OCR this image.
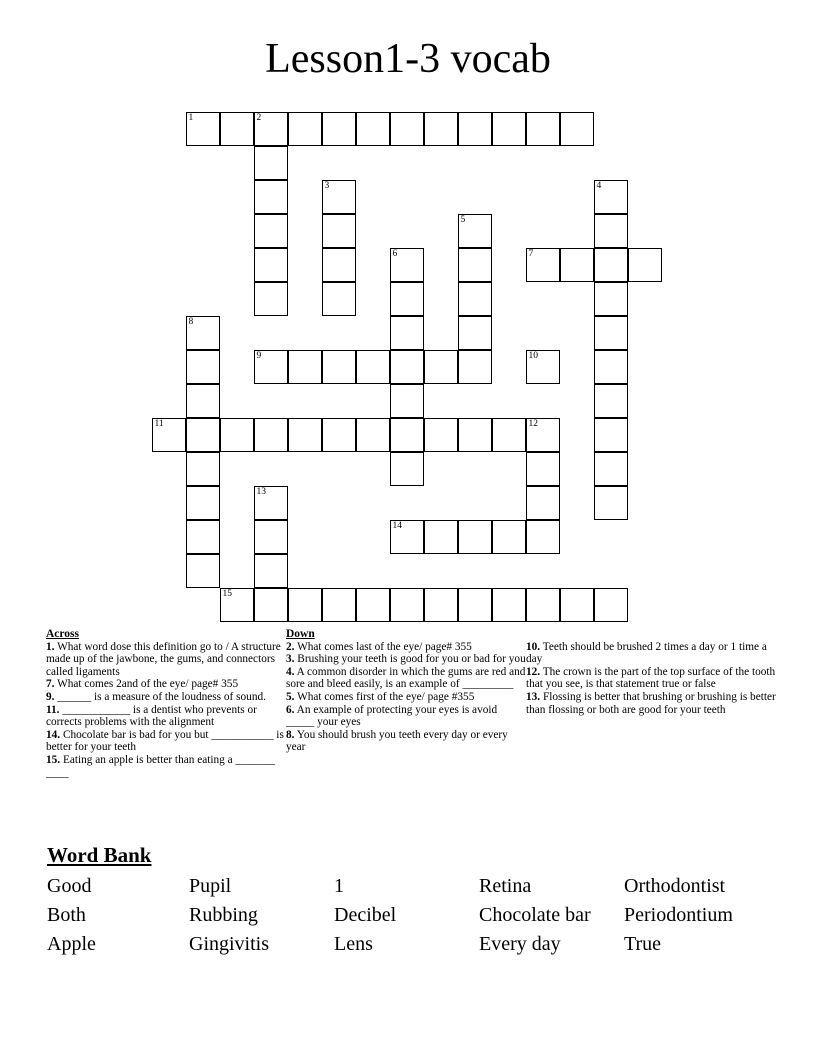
Lesson1-3 vocab
1	2
3	4
5
6	7
8
9	10
11	12
13
14
15
Across
1. What word dose this definition go to / A structure made up of the jawbone, the gums, and connectors called ligaments
7. What comes 2and of the eye/ page# 355
9. ______ is a measure of the loudness of sound.
11. ____________ is a dentist who prevents or corrects problems with the alignment
14. Chocolate bar is bad for you but ___________ is better for your teeth
15. Eating an apple is better than eating a _______ ____
Down
2. What comes last of the eye/ page# 355
3. Brushing your teeth is good for you or bad for you
4. A common disorder in which the gums are red and sore and bleed easily, is an example of _________
5. What comes first of the eye/ page #355
6. An example of protecting your eyes is avoid _____ your eyes
8. You should brush you teeth every day or every year
10. Teeth should be brushed 2 times a day or 1 time a day
12. The crown is the part of the top surface of the tooth that you see, is that statement true or false
13. Flossing is better that brushing or brushing is better than flossing or both are good for your teeth
Word Bank
Good	Pupil	1	Retina	Orthodontist
Both	Rubbing	Decibel	Chocolate bar	Periodontium
Apple	Gingivitis	Lens	Every day	True
